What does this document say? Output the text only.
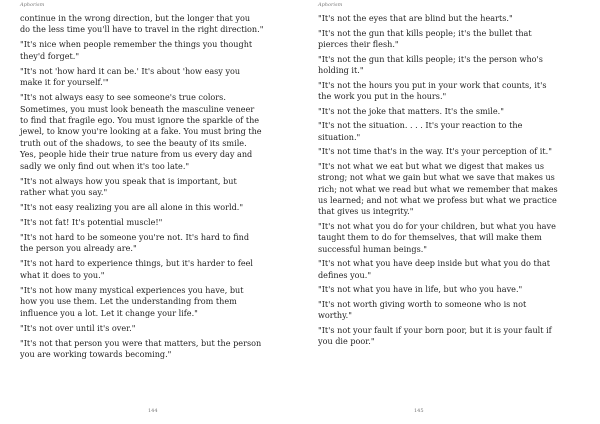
Aphorism

continue in the wrong direction, but the longer that you
do the less time you'll have to travel in the right direction."

"It's nice when people remember the things you thought
they'd forget."

"It's not 'how hard it can be.' It's about 'how easy you
make it for yourself.'"

"It's not always easy to see someone's true colors.
Sometimes, you must look beneath the masculine veneer
to find that fragile ego. You must ignore the sparkle of the
jewel, to know you're looking at a fake. You must bring the
truth out of the shadows, to see the beauty of its smile.
Yes, people hide their true nature from us every day and
sadly we only find out when it's too late."

"It's not always how you speak that is important, but
rather what you say."

"It's not easy realizing you are all alone in this world."

"It's not fat! It's potential muscle!"

"It's not hard to be someone you're not. It's hard to find
the person you already are."

"It's not hard to experience things, but it's harder to feel
what it does to you."

"It's not how many mystical experiences you have, but
how you use them. Let the understanding from them
influence you a lot. Let it change your life."

"It's not over until it's over."

"It's not that person you were that matters, but the person
you are working towards becoming."

144
Aphorism

"It's not the eyes that are blind but the hearts."

"It's not the gun that kills people; it's the bullet that
pierces their flesh."

"It's not the gun that kills people; it's the person who's
holding it."

"It's not the hours you put in your work that counts, it's
the work you put in the hours."

"It's not the joke that matters. It's the smile."

"It's not the situation. . . . It's your reaction to the
situation."

"It's not time that's in the way. It's your perception of it."

"It's not what we eat but what we digest that makes us
strong; not what we gain but what we save that makes us
rich; not what we read but what we remember that makes
us learned; and not what we profess but what we practice
that gives us integrity."

"It's not what you do for your children, but what you have
taught them to do for themselves, that will make them
successful human beings."

"It's not what you have deep inside but what you do that
defines you."

"It's not what you have in life, but who you have."

"It's not worth giving worth to someone who is not
worthy."

"It's not your fault if your born poor, but it is your fault if
you die poor."

145
